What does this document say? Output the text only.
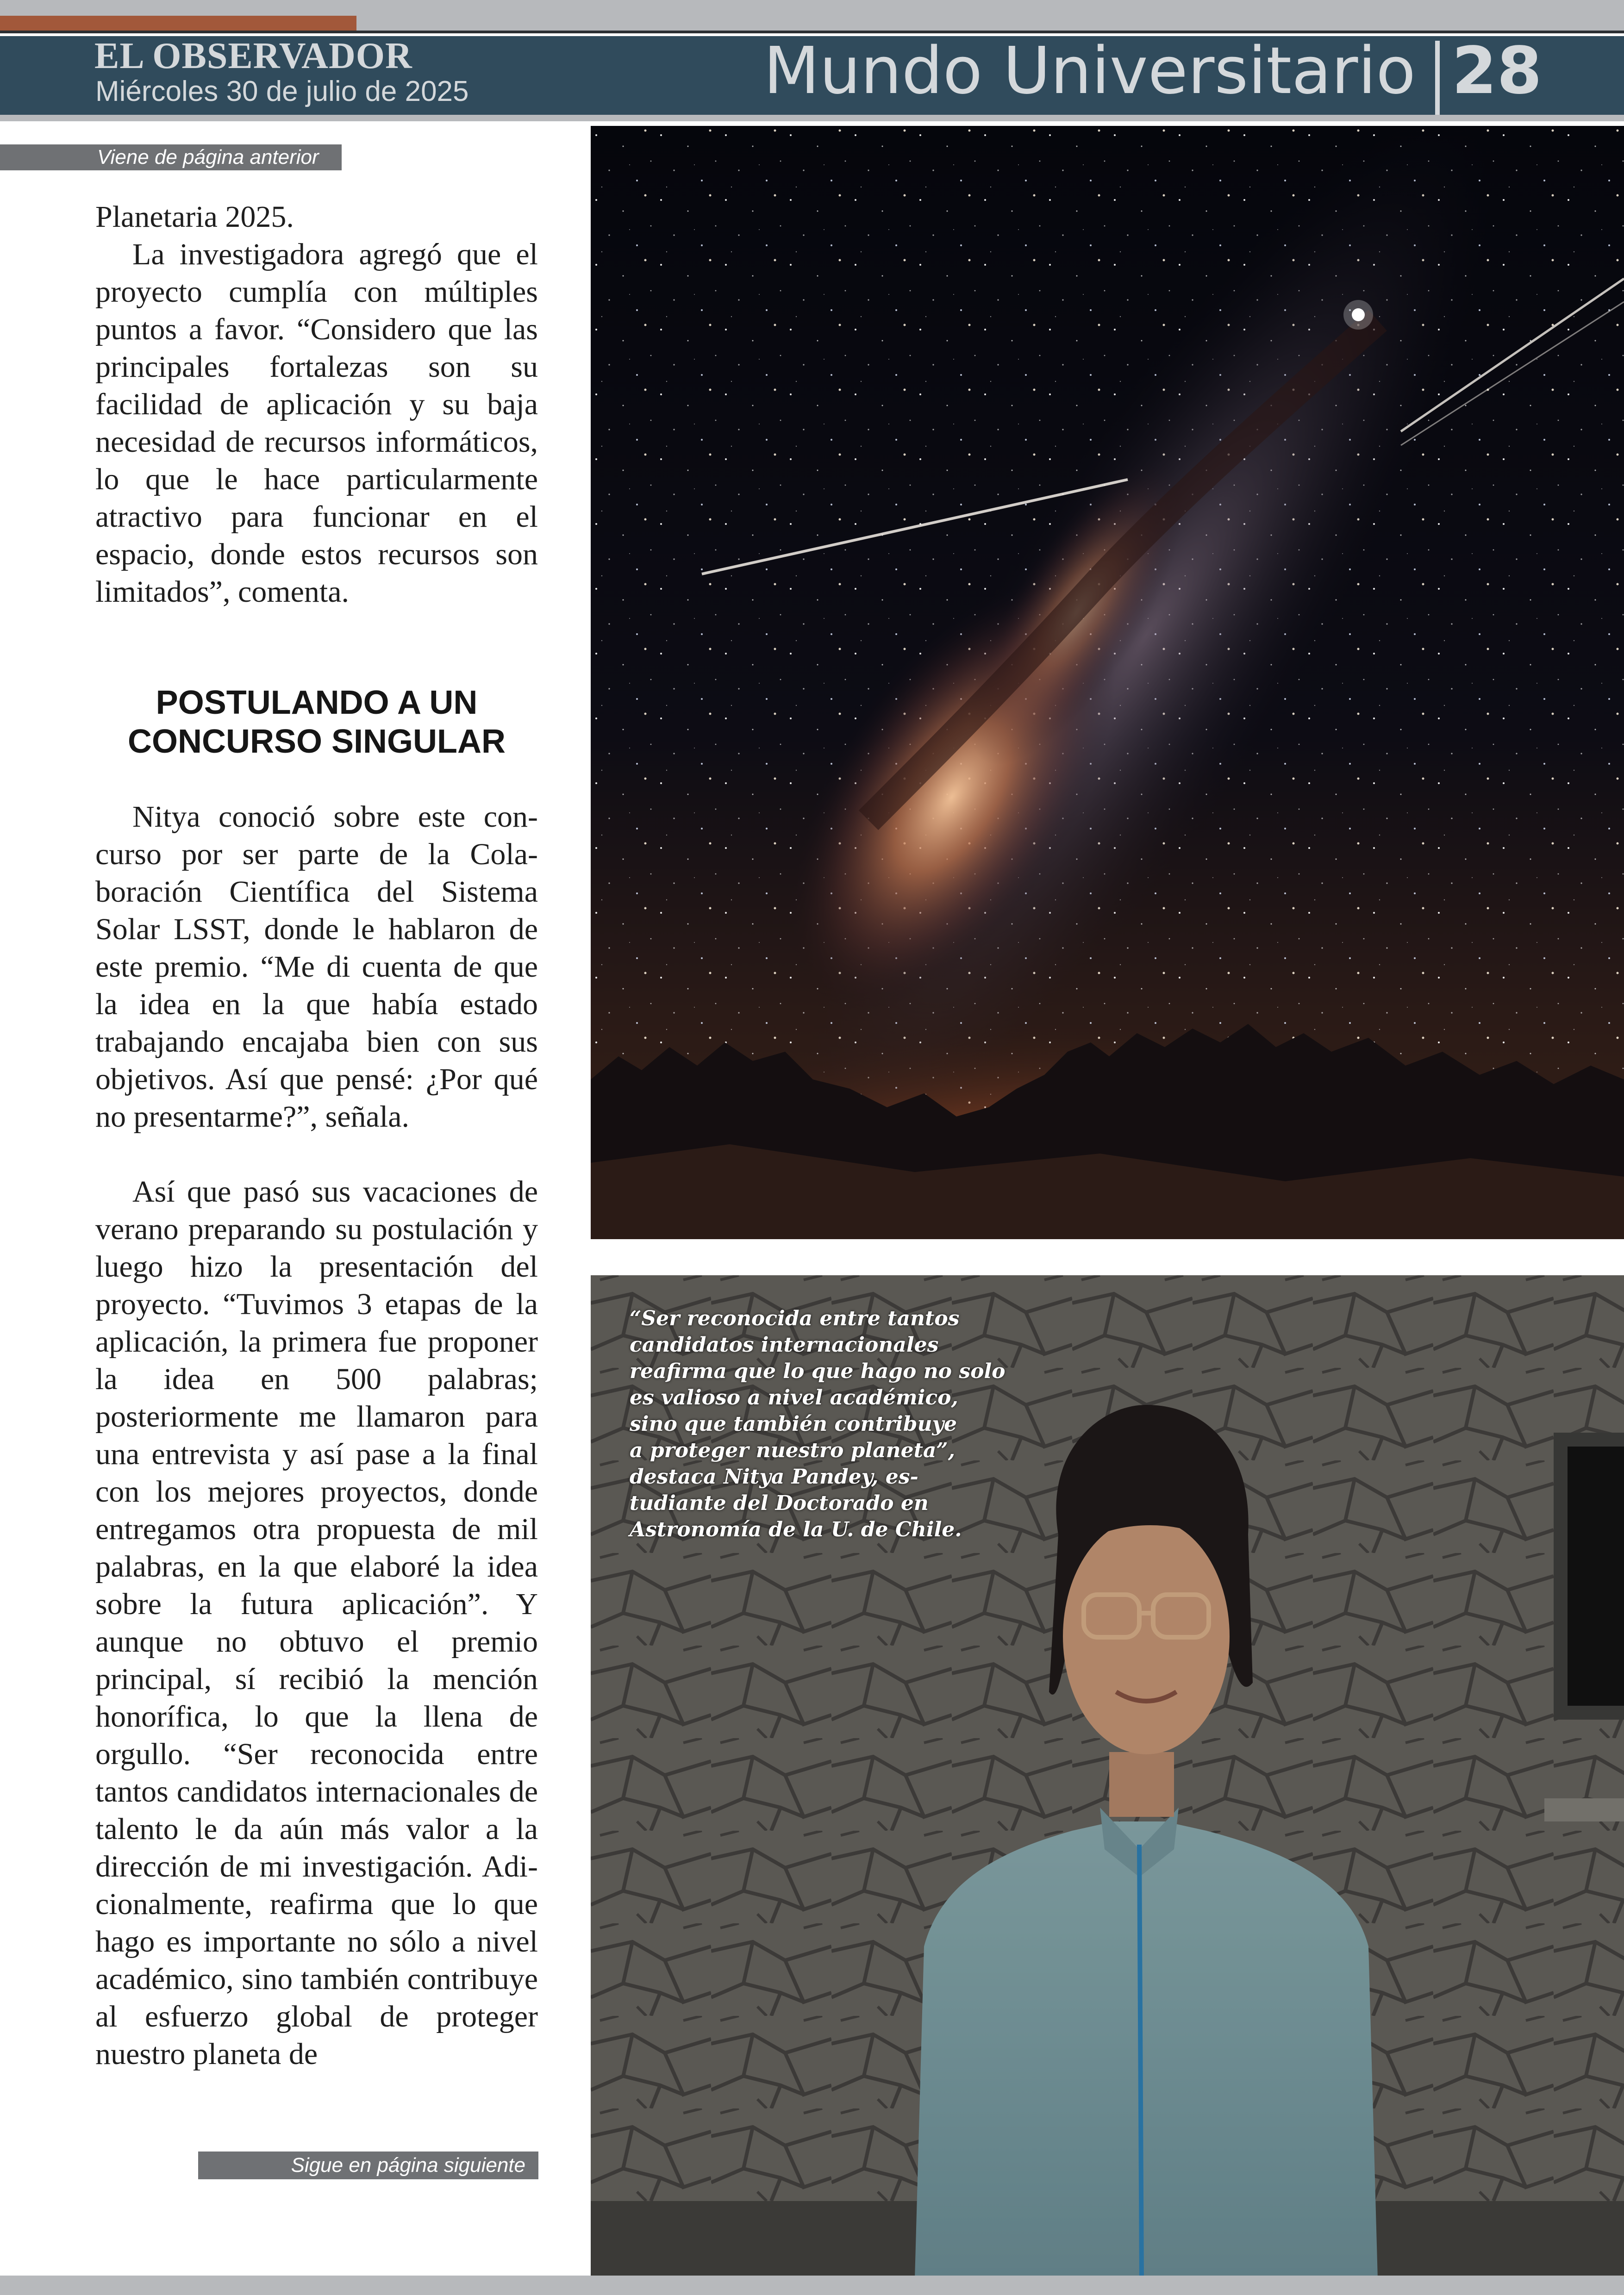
EL OBSERVADOR
Miércoles 30 de julio de 2025	Mundo Universitario 28
Viene de página anterior

Planetaria 2025.

La investigadora agregó que el proyecto cumplía con múltiples puntos a favor. “Considero que las principales fortalezas son su facilidad de aplicación y su baja necesidad de recursos informáticos, lo que le hace particularmente atractivo para funcionar en el espacio, donde estos recursos son limitados”, comenta.

POSTULANDO A UN CONCURSO SINGULAR

Nitya conoció sobre este concurso por ser parte de la Colaboración Científica del Sistema Solar LSST, donde le hablaron de este premio. “Me di cuenta de que la idea en la que había estado trabajando encajaba bien con sus objetivos. Así que pensé: ¿Por qué no presentarme?”, señala.

Así que pasó sus vacaciones de verano preparando su postulación y luego hizo la presentación del proyecto. “Tuvimos 3 etapas de la aplicación, la primera fue proponer la idea en 500 palabras; posteriormente me llamaron para una entrevista y así pase a la final con los mejores proyectos, donde entregamos otra propuesta de mil palabras, en la que elaboré la idea sobre la futura aplicación”. Y aunque no obtuvo el premio principal, sí recibió la mención honorífica, lo que la llena de orgullo. “Ser reconocida entre tantos candidatos internacionales de talento le da aún más valor a la dirección de mi investigación. Adicionalmente, reafirma que lo que hago es importante no sólo a nivel académico, sino también contribuye al esfuerzo global de proteger nuestro planeta de

Sigue en página siguiente

“Ser reconocida entre tantos
candidatos internacionales
reafirma que lo que hago no solo
es valioso a nivel académico,
sino que también contribuye
a proteger nuestro planeta”,
destaca Nitya Pandey, es-
tudiante del Doctorado en
Astronomía de la U. de Chile.
